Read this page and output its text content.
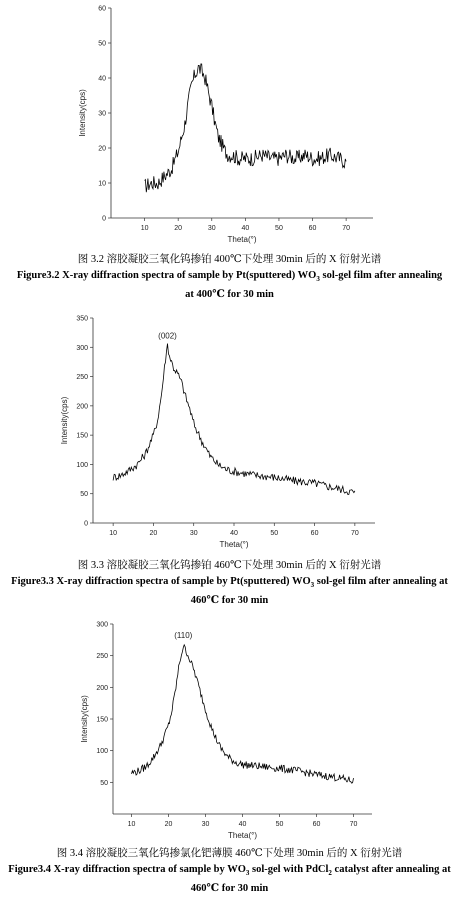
10	20	30	40	50	60	70
0
10
20
30
40
50
60
Theta(°)
Intensity(cps)
图 3.2 溶胶凝胶三氧化钨掺铂 400℃下处理 30min 后的 X 衍射光谱
Figure3.2 X-ray diffraction spectra of sample by Pt(sputtered) $WO_3$ sol-gel film after annealing
at 400℃ for 30 min
10	20	30	40	50	60	70
0
50
100
150
200
250
300
350
Theta(°)
Intensity(cps)
(002)
图 3.3 溶胶凝胶三氧化钨掺铂 460℃下处理 30min 后的 X 衍射光谱
Figure3.3 X-ray diffraction spectra of sample by Pt(sputtered) $WO_3$ sol-gel film after annealing at
460℃ for 30 min
10	20	30	40	50	60	70
50
100
150
200
250
300
Theta(°)
Intensity(cps)
(110)
图 3.4 溶胶凝胶三氧化钨掺氯化钯薄膜 460℃下处理 30min 后的 X 衍射光谱
Figure3.4 X-ray diffraction spectra of sample by $WO_3$ sol-gel with PdCl$_2$ catalyst after annealing at
460℃ for 30 min
